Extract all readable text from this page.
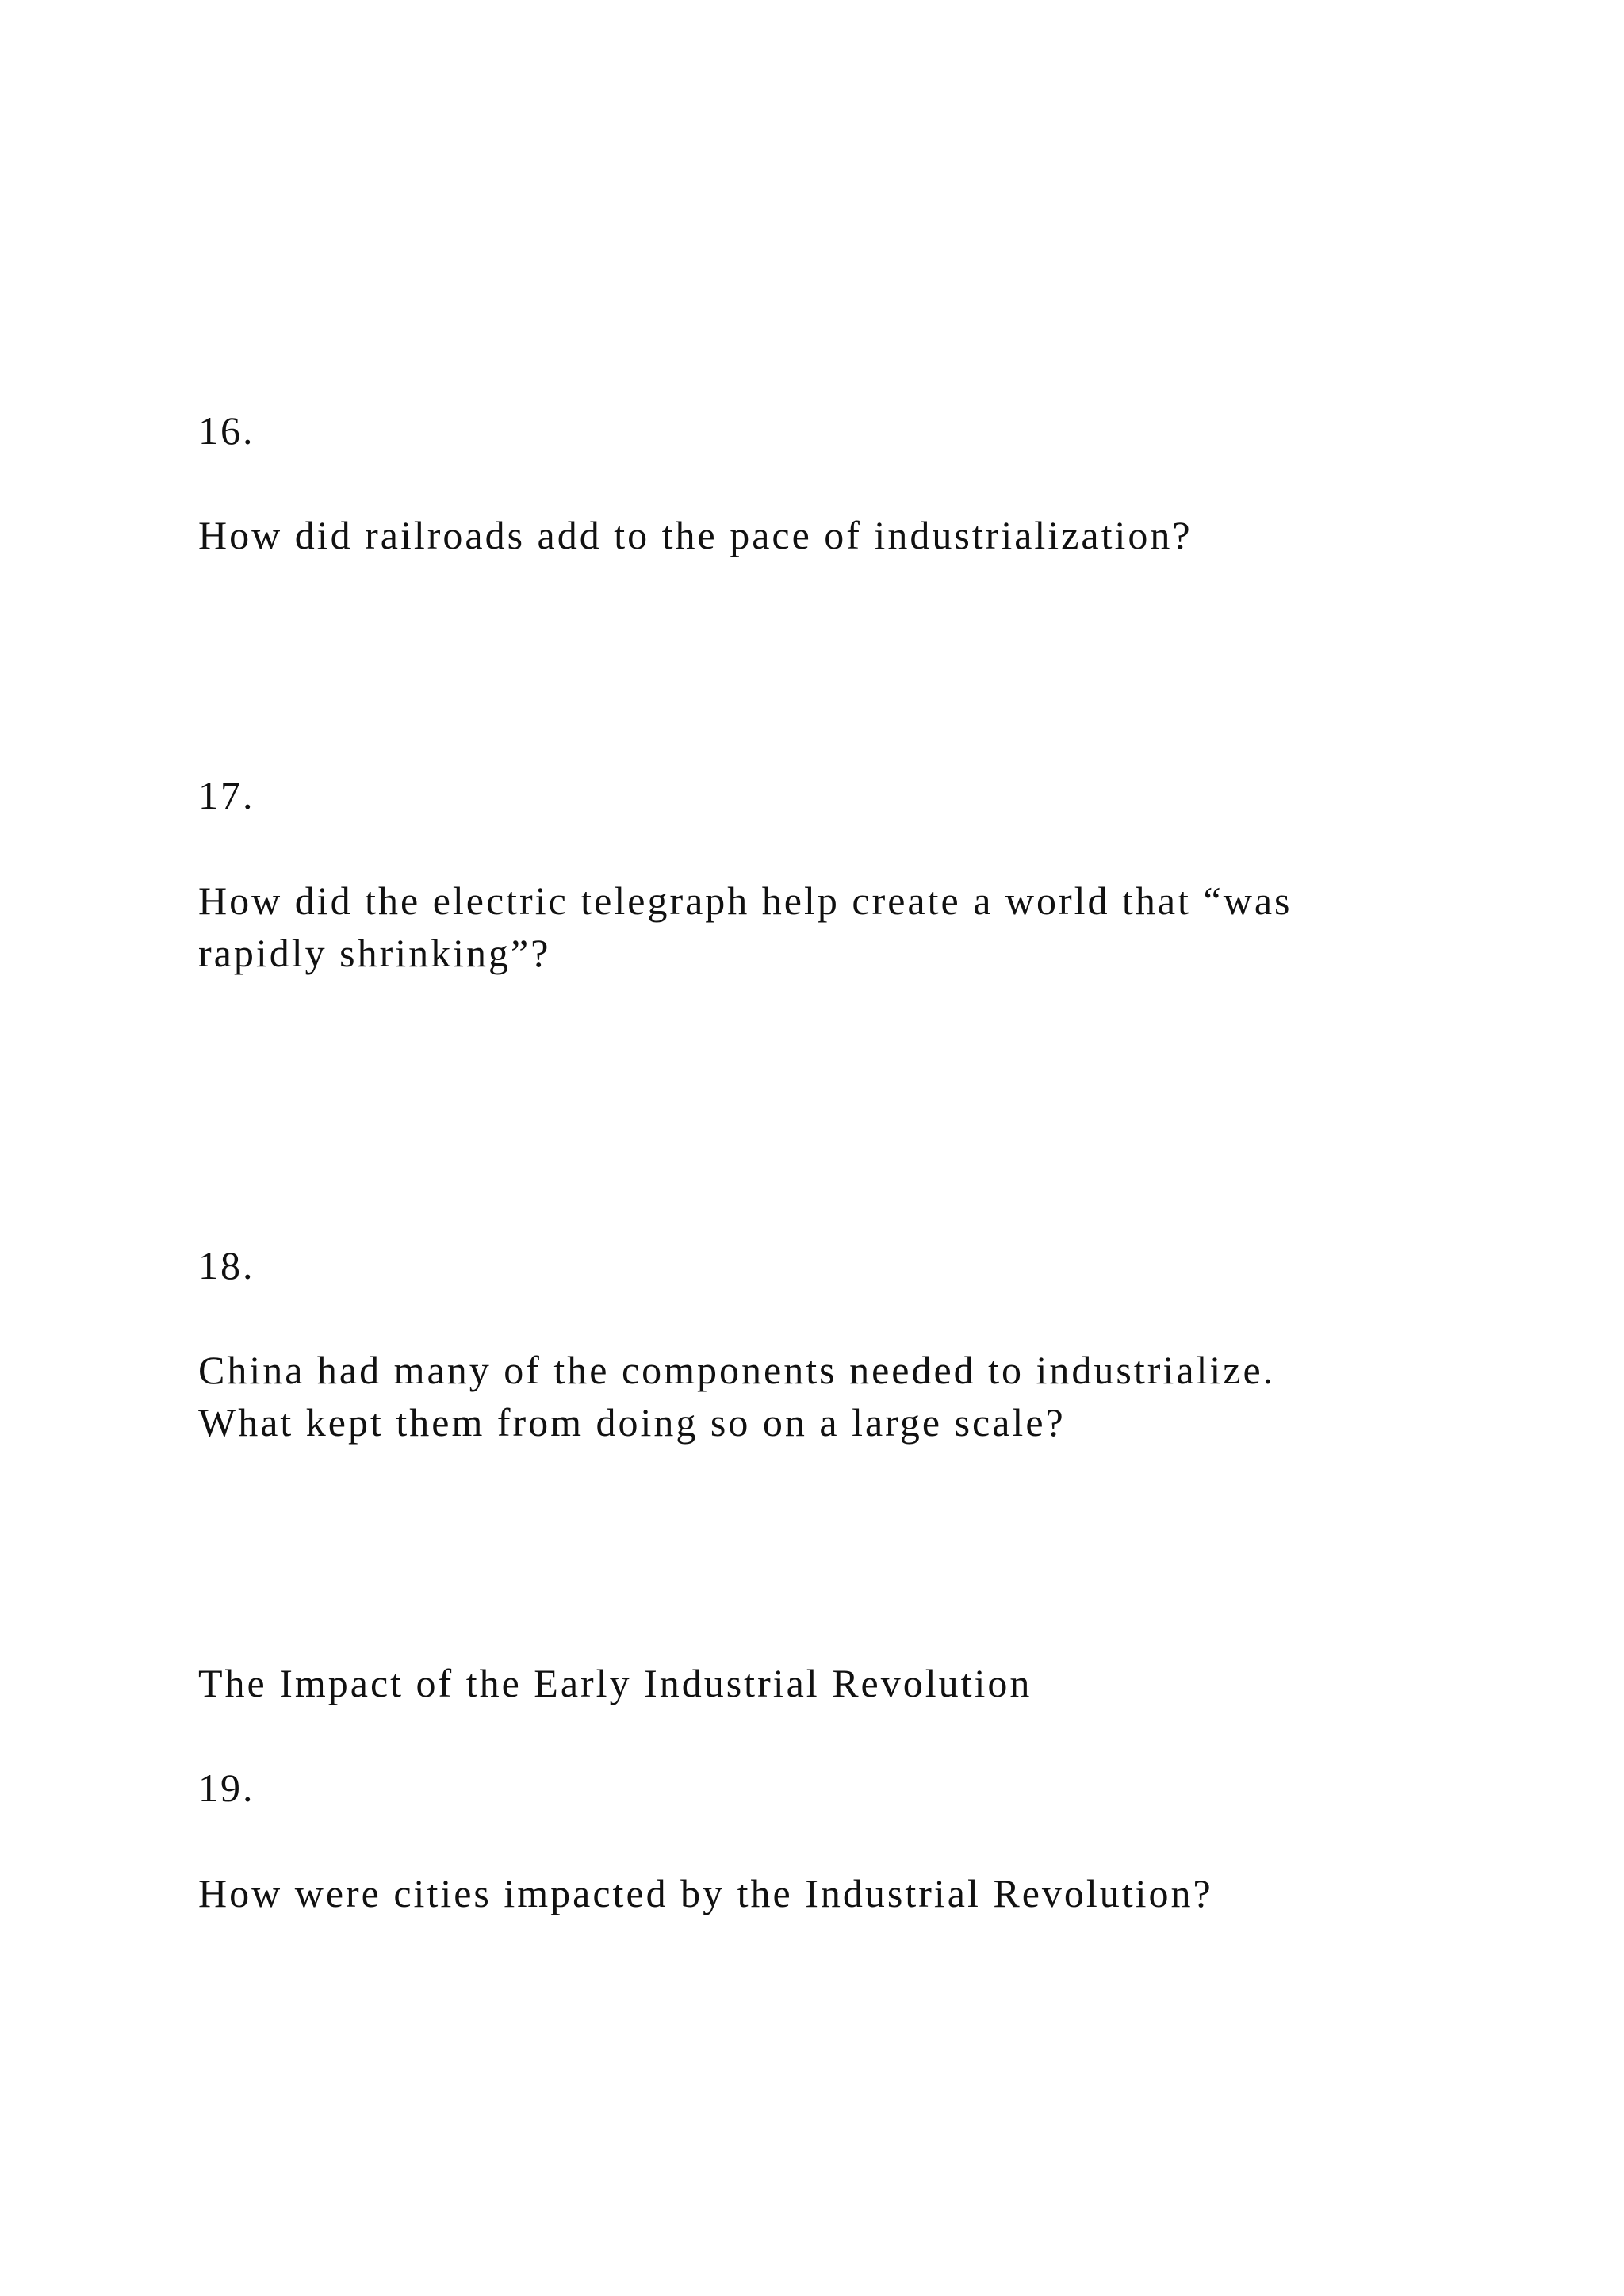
16.

How did railroads add to the pace of industrialization?

17.

How did the electric telegraph help create a world that “was

rapidly shrinking”?

18.

China had many of the components needed to industrialize.

What kept them from doing so on a large scale?

The Impact of the Early Industrial Revolution

19.

How were cities impacted by the Industrial Revolution?
